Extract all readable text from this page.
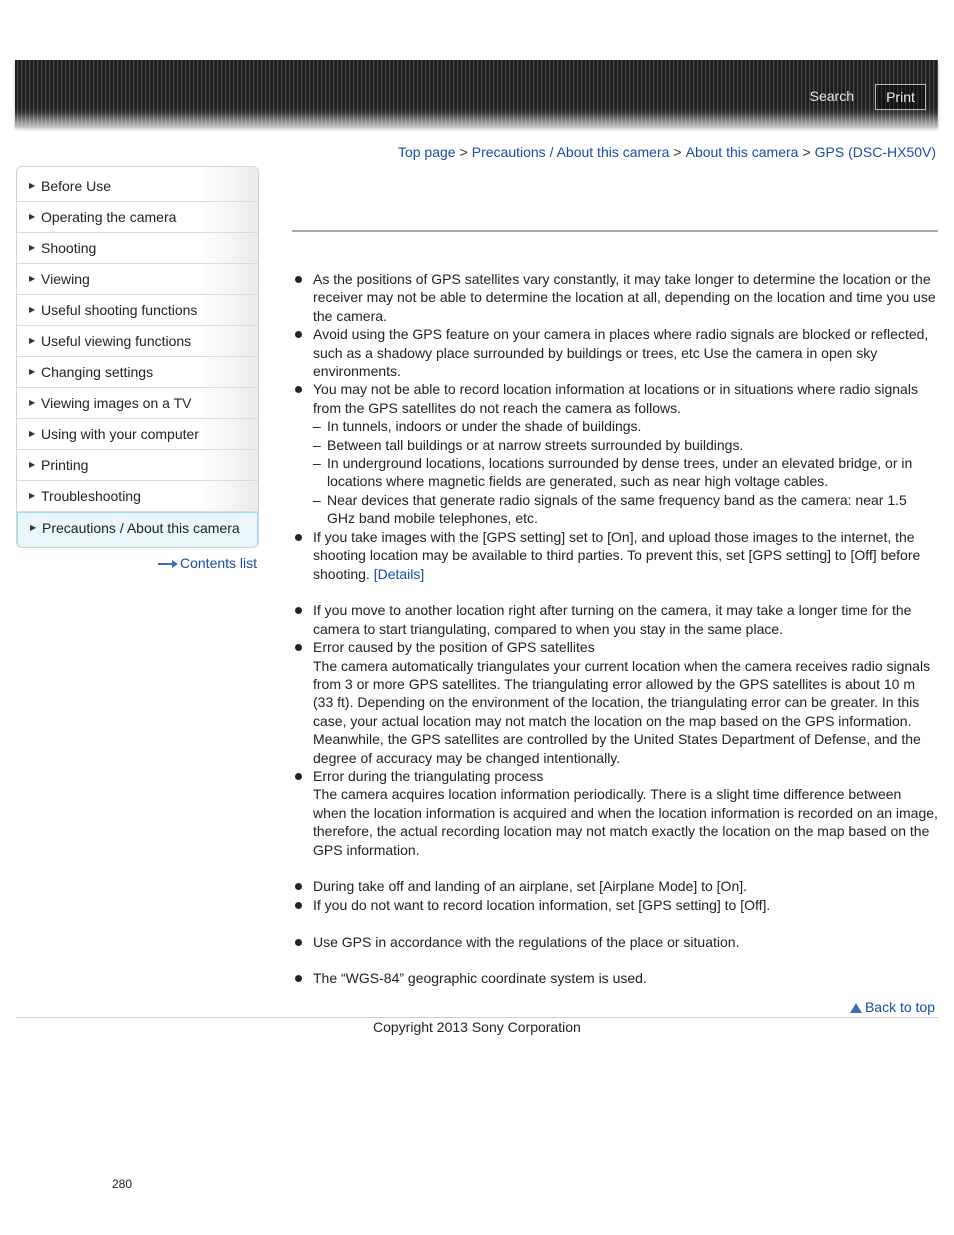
Search	Print
Top page > Precautions / About this camera > About this camera > GPS (DSC-HX50V)
▶ Before Use
▶ Operating the camera
▶ Shooting
▶ Viewing
▶ Useful shooting functions
▶ Useful viewing functions
▶ Changing settings
▶ Viewing images on a TV
▶ Using with your computer
▶ Printing
▶ Troubleshooting
▶ Precautions / About this camera
Contents list
As the positions of GPS satellites vary constantly, it may take longer to determine the location or the receiver may not be able to determine the location at all, depending on the location and time you use the camera.
Avoid using the GPS feature on your camera in places where radio signals are blocked or reflected, such as a shadowy place surrounded by buildings or trees, etc Use the camera in open sky environments.
You may not be able to record location information at locations or in situations where radio signals from the GPS satellites do not reach the camera as follows.
– In tunnels, indoors or under the shade of buildings.
– Between tall buildings or at narrow streets surrounded by buildings.
– In underground locations, locations surrounded by dense trees, under an elevated bridge, or in locations where magnetic fields are generated, such as near high voltage cables.
– Near devices that generate radio signals of the same frequency band as the camera: near 1.5 GHz band mobile telephones, etc.
If you take images with the [GPS setting] set to [On], and upload those images to the internet, the shooting location may be available to third parties. To prevent this, set [GPS setting] to [Off] before shooting. [Details]
If you move to another location right after turning on the camera, it may take a longer time for the camera to start triangulating, compared to when you stay in the same place.
Error caused by the position of GPS satellites
The camera automatically triangulates your current location when the camera receives radio signals from 3 or more GPS satellites. The triangulating error allowed by the GPS satellites is about 10 m (33 ft). Depending on the environment of the location, the triangulating error can be greater. In this case, your actual location may not match the location on the map based on the GPS information. Meanwhile, the GPS satellites are controlled by the United States Department of Defense, and the degree of accuracy may be changed intentionally.
Error during the triangulating process
The camera acquires location information periodically. There is a slight time difference between when the location information is acquired and when the location information is recorded on an image, therefore, the actual recording location may not match exactly the location on the map based on the GPS information.
During take off and landing of an airplane, set [Airplane Mode] to [On].
If you do not want to record location information, set [GPS setting] to [Off].
Use GPS in accordance with the regulations of the place or situation.
The “WGS-84” geographic coordinate system is used.
Back to top
Copyright 2013 Sony Corporation
280
